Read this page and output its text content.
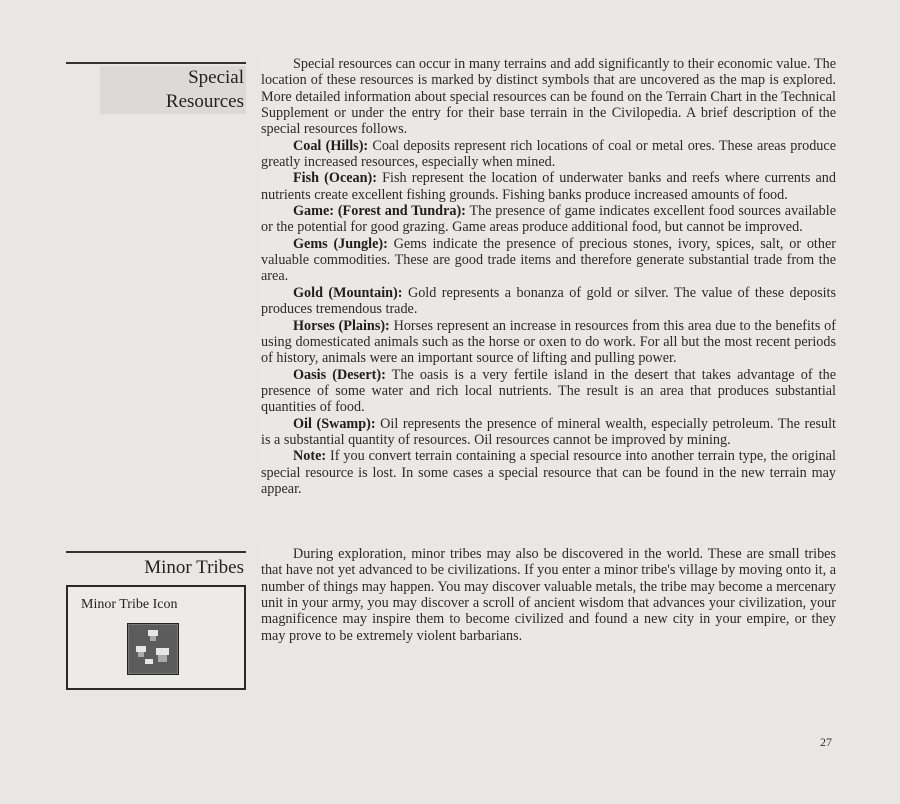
Special Resources

Special resources can occur in many terrains and add significantly to their economic value. The location of these resources is marked by distinct symbols that are uncovered as the map is explored. More detailed information about special resources can be found on the Terrain Chart in the Technical Supplement or under the entry for their base terrain in the Civilopedia. A brief description of the special resources follows.

Coal (Hills): Coal deposits represent rich locations of coal or metal ores. These areas produce greatly increased resources, especially when mined.

Fish (Ocean): Fish represent the location of underwater banks and reefs where currents and nutrients create excellent fishing grounds. Fishing banks produce increased amounts of food.

Game: (Forest and Tundra): The presence of game indicates excellent food sources available or the potential for good grazing. Game areas produce additional food, but cannot be improved.

Gems (Jungle): Gems indicate the presence of precious stones, ivory, spices, salt, or other valuable commodities. These are good trade items and therefore generate substantial trade from the area.

Gold (Mountain): Gold represents a bonanza of gold or silver. The value of these deposits produces tremendous trade.

Horses (Plains): Horses represent an increase in resources from this area due to the benefits of using domesticated animals such as the horse or oxen to do work. For all but the most recent periods of history, animals were an important source of lifting and pulling power.

Oasis (Desert): The oasis is a very fertile island in the desert that takes advantage of the presence of some water and rich local nutrients. The result is an area that produces substantial quantities of food.

Oil (Swamp): Oil represents the presence of mineral wealth, especially petroleum. The result is a substantial quantity of resources. Oil resources cannot be improved by mining.

Note: If you convert terrain containing a special resource into another terrain type, the original special resource is lost. In some cases a special resource that can be found in the new terrain may appear.

Minor Tribes

During exploration, minor tribes may also be discovered in the world. These are small tribes that have not yet advanced to be civilizations. If you enter a minor tribe's village by moving onto it, a number of things may happen. You may discover valuable metals, the tribe may become a mercenary unit in your army, you may discover a scroll of ancient wisdom that advances your civilization, your magnificence may inspire them to become civilized and found a new city in your empire, or they may prove to be extremely violent barbarians.

Minor Tribe Icon
27
